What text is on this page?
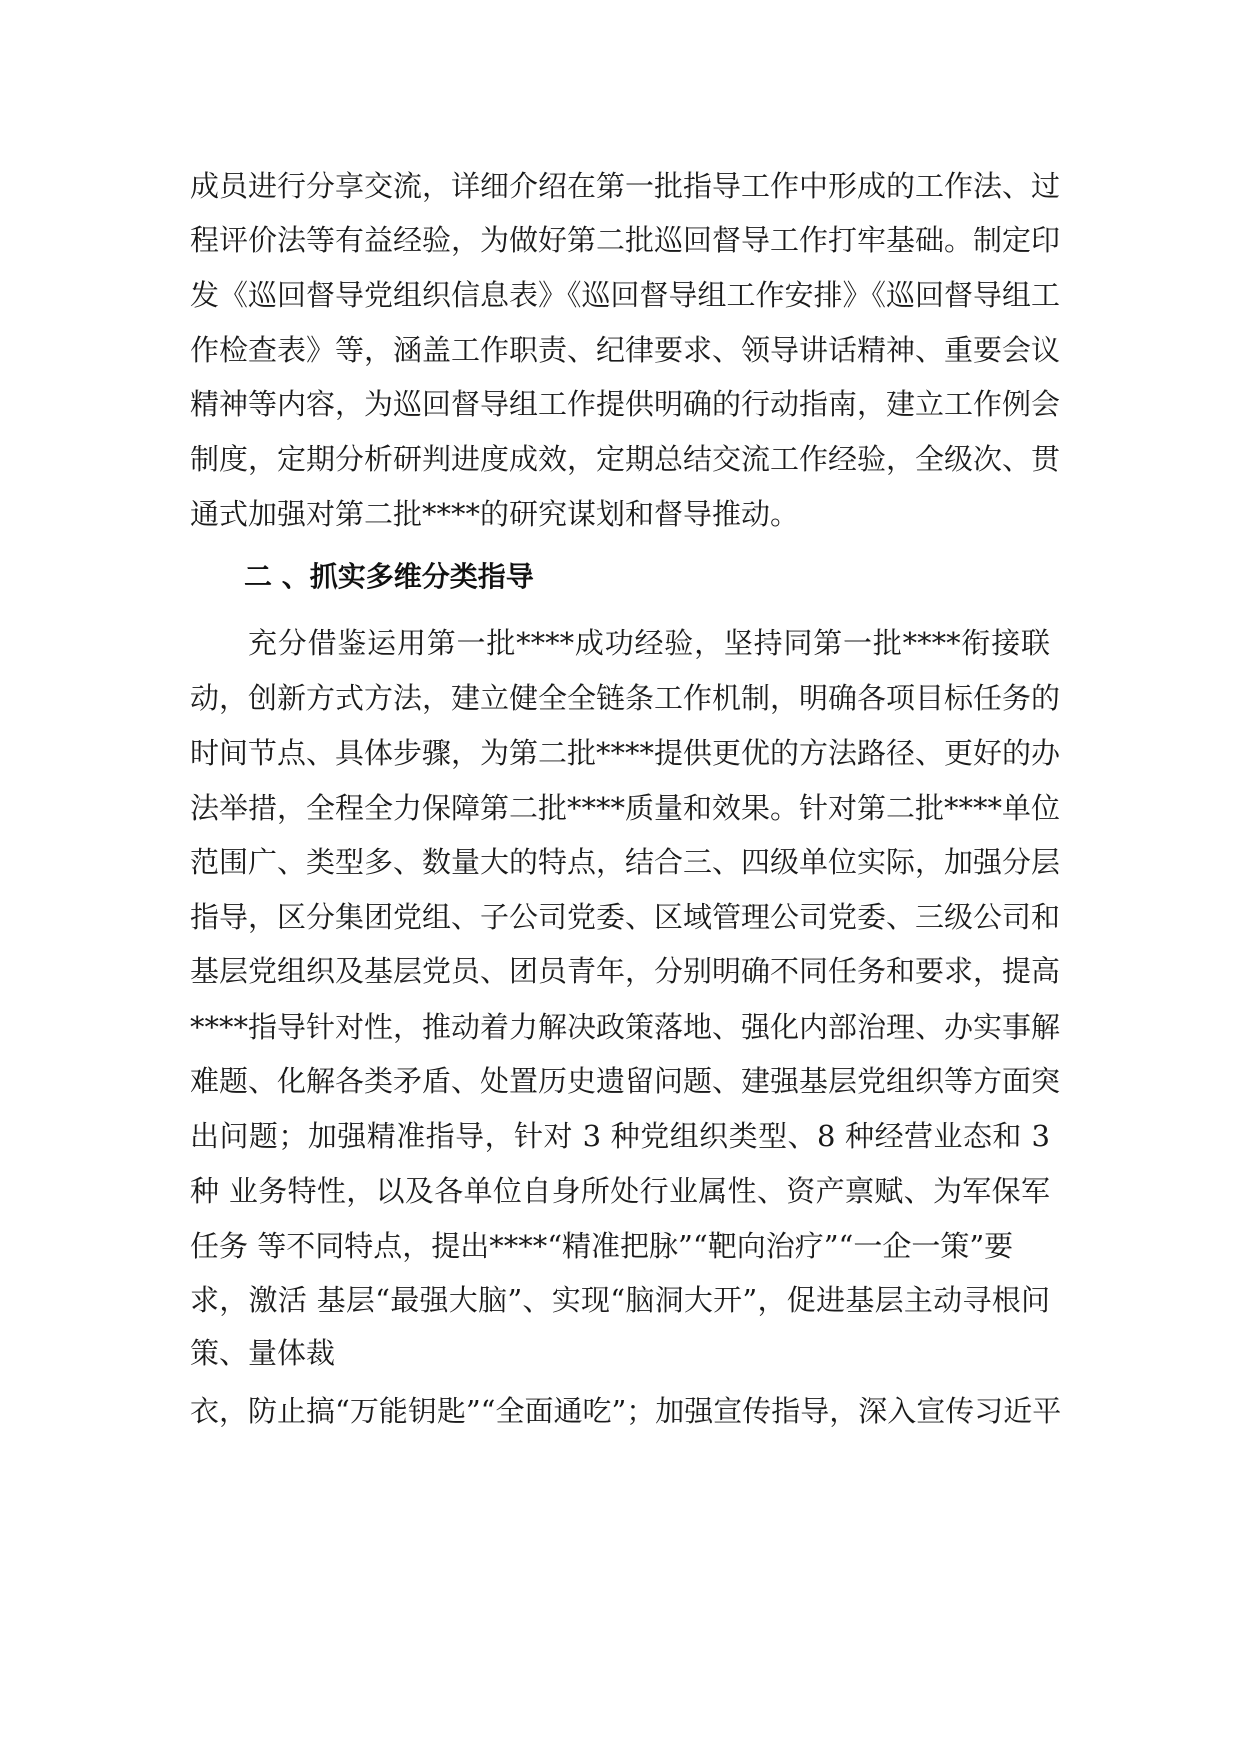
成员进行分享交流，详细介绍在第一批指导工作中形成的工作法、过

程评价法等有益经验，为做好第二批巡回督导工作打牢基础。制定印

发《巡回督导党组织信息表》《巡回督导组工作安排》《巡回督导组工

作检查表》等，涵盖工作职责、纪律要求、领导讲话精神、重要会议

精神等内容，为巡回督导组工作提供明确的行动指南，建立工作例会

制度，定期分析研判进度成效，定期总结交流工作经验，全级次、贯

通式加强对第二批****的研究谋划和督导推动。

二 、抓实多维分类指导

充分借鉴运用第一批****成功经验，坚持同第一批****衔接联

动，创新方式方法，建立健全全链条工作机制，明确各项目标任务的

时间节点、具体步骤，为第二批****提供更优的方法路径、更好的办

法举措，全程全力保障第二批****质量和效果。针对第二批****单位

范围广、类型多、数量大的特点，结合三、四级单位实际，加强分层

指导，区分集团党组、子公司党委、区域管理公司党委、三级公司和

基层党组织及基层党员、团员青年，分别明确不同任务和要求，提高

****指导针对性，推动着力解决政策落地、强化内部治理、办实事解

难题、化解各类矛盾、处置历史遗留问题、建强基层党组织等方面突

出问题；加强精准指导，针对 3 种党组织类型、8 种经营业态和 3

种 业务特性，以及各单位自身所处行业属性、资产禀赋、为军保军

任务 等不同特点，提出****“精准把脉”“靶向治疗”“一企一策”要

求，激活 基层“最强大脑”、实现“脑洞大开”，促进基层主动寻根问

策、量体裁

衣，防止搞“万能钥匙”“全面通吃”；加强宣传指导，深入宣传习近平
